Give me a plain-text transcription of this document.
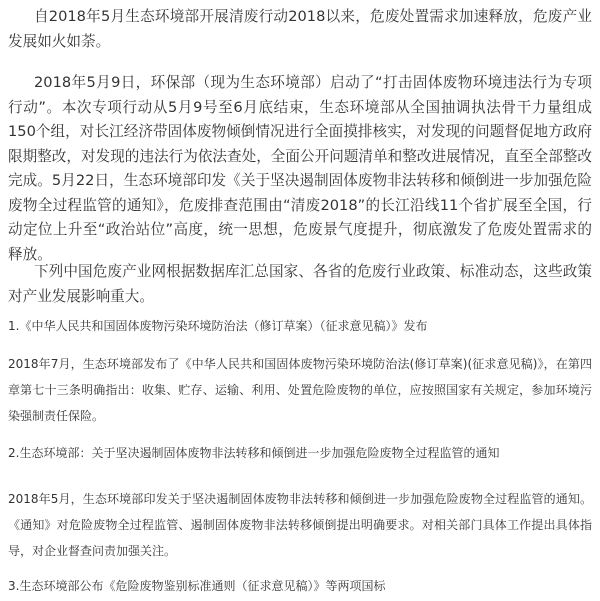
自2018年5月生态环境部开展清废行动2018以来，危废处置需求加速释放，危废产业发展如火如荼。

2018年5月9日，环保部（现为生态环境部）启动了“打击固体废物环境违法行为专项行动”。本次专项行动从5月9号至6月底结束，生态环境部从全国抽调执法骨干力量组成150个组，对长江经济带固体废物倾倒情况进行全面摸排核实，对发现的问题督促地方政府限期整改，对发现的违法行为依法查处，全面公开问题清单和整改进展情况，直至全部整改完成。5月22日，生态环境部印发《关于坚决遏制固体废物非法转移和倾倒进一步加强危险废物全过程监管的通知》，危废排查范围由“清废2018”的长江沿线11个省扩展至全国，行动定位上升至“政治站位”高度，统一思想，危废景气度提升，彻底激发了危废处置需求的释放。

下列中国危废产业网根据数据库汇总国家、各省的危废行业政策、标准动态，这些政策对产业发展影响重大。

1.《中华人民共和国固体废物污染环境防治法（修订草案）（征求意见稿）》发布

2018年7月，生态环境部发布了《中华人民共和国固体废物污染环境防治法(修订草案)(征求意见稿)》，在第四章第七十三条明确指出：收集、贮存、运输、利用、处置危险废物的单位，应按照国家有关规定，参加环境污染强制责任保险。

2.生态环境部：关于坚决遏制固体废物非法转移和倾倒进一步加强危险废物全过程监管的通知

2018年5月，生态环境部印发关于坚决遏制固体废物非法转移和倾倒进一步加强危险废物全过程监管的通知。《通知》对危险废物全过程监管、遏制固体废物非法转移倾倒提出明确要求。对相关部门具体工作提出具体指导，对企业督查问责加强关注。

3.生态环境部公布《危险废物鉴别标准通则（征求意见稿）》等两项国标
